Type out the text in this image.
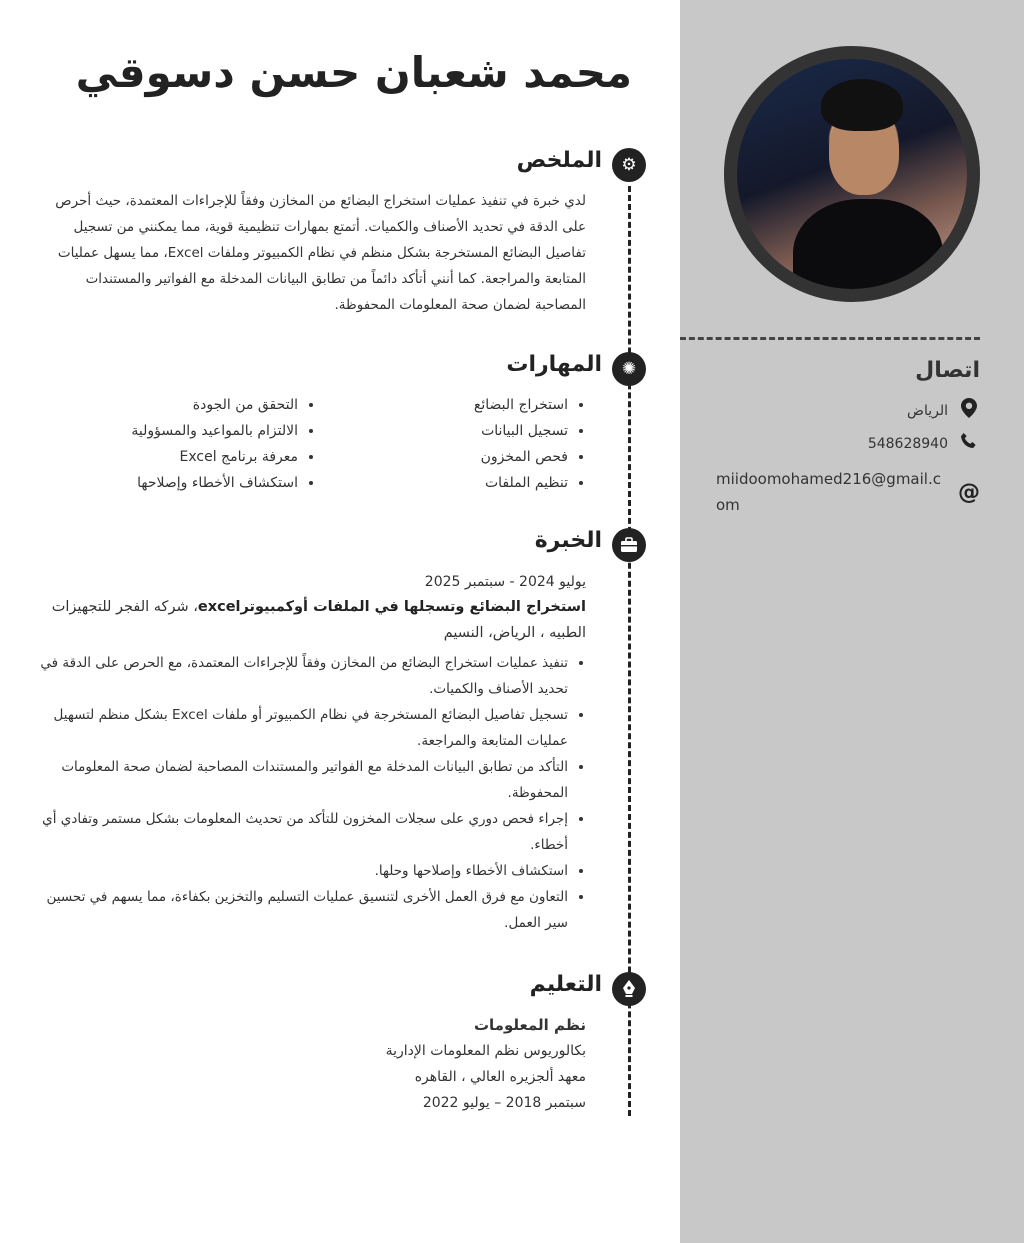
اتصال
الرياض
548628940
@
miidoomohamed216@gmail.com
محمد شعبان حسن دسوقي
⚙
الملخص
لدي خبرة في تنفيذ عمليات استخراج البضائع من المخازن وفقاً للإجراءات المعتمدة، حيث أحرص على الدقة في تحديد الأصناف والكميات. أتمتع بمهارات تنظيمية قوية، مما يمكنني من تسجيل تفاصيل البضائع المستخرجة بشكل منظم في نظام الكمبيوتر وملفات Excel، مما يسهل عمليات المتابعة والمراجعة. كما أنني أتأكد دائماً من تطابق البيانات المدخلة مع الفواتير والمستندات المصاحبة لضمان صحة المعلومات المحفوظة.
✺
المهارات
• استخراج البضائع
• تسجيل البيانات
• فحص المخزون
• تنظيم الملفات
• التحقق من الجودة
• الالتزام بالمواعيد والمسؤولية
• معرفة برنامج Excel
• استكشاف الأخطاء وإصلاحها
الخبرة
يوليو 2024 - سبتمبر 2025
استخراج البضائع وتسجلها في الملفات أوكمبيوترexcel، شركه الفجر للتجهيزات الطبيه ، الرياض، النسيم
• تنفيذ عمليات استخراج البضائع من المخازن وفقاً للإجراءات المعتمدة، مع الحرص على الدقة في تحديد الأصناف والكميات.
• تسجيل تفاصيل البضائع المستخرجة في نظام الكمبيوتر أو ملفات Excel بشكل منظم لتسهيل عمليات المتابعة والمراجعة.
• التأكد من تطابق البيانات المدخلة مع الفواتير والمستندات المصاحبة لضمان صحة المعلومات المحفوظة.
• إجراء فحص دوري على سجلات المخزون للتأكد من تحديث المعلومات بشكل مستمر وتفادي أي أخطاء.
• استكشاف الأخطاء وإصلاحها وحلها.
• التعاون مع فرق العمل الأخرى لتنسيق عمليات التسليم والتخزين بكفاءة، مما يسهم في تحسين سير العمل.
التعليم
نظم المعلومات
بكالوريوس نظم المعلومات الإدارية
معهد ألجزيره العالي ، القاهره
سبتمبر 2018 – يوليو 2022
